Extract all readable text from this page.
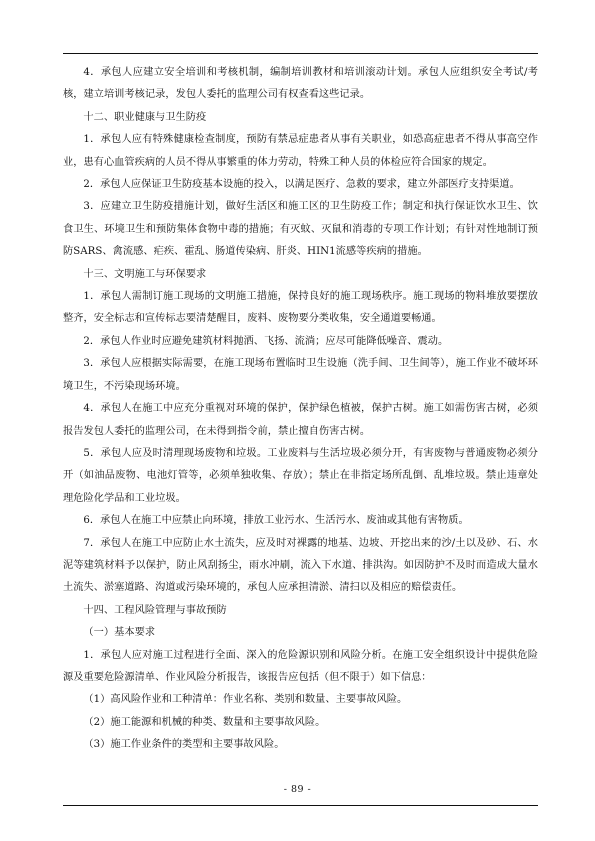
4．承包人应建立安全培训和考核机制，编制培训教材和培训滚动计划。承包人应组织安全考试/考核，建立培训考核记录，发包人委托的监理公司有权查看这些记录。

十二、职业健康与卫生防疫

1．承包人应有特殊健康检查制度，预防有禁忌症患者从事有关职业，如恐高症患者不得从事高空作业，患有心血管疾病的人员不得从事繁重的体力劳动，特殊工种人员的体检应符合国家的规定。

2．承包人应保证卫生防疫基本设施的投入，以满足医疗、急救的要求，建立外部医疗支持渠道。

3．应建立卫生防疫措施计划，做好生活区和施工区的卫生防疫工作；制定和执行保证饮水卫生、饮食卫生、环境卫生和预防集体食物中毒的措施；有灭蚊、灭鼠和消毒的专项工作计划；有针对性地制订预防SARS、禽流感、疟疾、霍乱、肠道传染病、肝炎、HIN1流感等疾病的措施。

十三、文明施工与环保要求

1．承包人需制订施工现场的文明施工措施，保持良好的施工现场秩序。施工现场的物料堆放要摆放整齐，安全标志和宣传标志要清楚醒目，废料、废物要分类收集，安全通道要畅通。

2．承包人作业时应避免建筑材料抛洒、飞扬、流淌；应尽可能降低噪音、震动。

3．承包人应根据实际需要，在施工现场布置临时卫生设施（洗手间、卫生间等），施工作业不破坏环境卫生，不污染现场环境。

4．承包人在施工中应充分重视对环境的保护，保护绿色植被，保护古树。施工如需伤害古树，必须报告发包人委托的监理公司，在未得到指令前，禁止擅自伤害古树。

5．承包人应及时清理现场废物和垃圾。工业废料与生活垃圾必须分开，有害废物与普通废物必须分开（如油品废物、电池灯管等，必须单独收集、存放）；禁止在非指定场所乱倒、乱堆垃圾。禁止违章处理危险化学品和工业垃圾。

6．承包人在施工中应禁止向环境，排放工业污水、生活污水、废油或其他有害物质。

7．承包人在施工中应防止水土流失，应及时对裸露的地基、边坡、开挖出来的沙/土以及砂、石、水泥等建筑材料予以保护，防止风刮扬尘，雨水冲刷，流入下水道、排洪沟。如因防护不及时而造成大量水土流失、淤塞道路、沟道或污染环境的，承包人应承担清淤、清扫以及相应的赔偿责任。

十四、工程风险管理与事故预防

（一）基本要求

1．承包人应对施工过程进行全面、深入的危险源识别和风险分析。在施工安全组织设计中提供危险源及重要危险源清单、作业风险分析报告，该报告应包括（但不限于）如下信息：

（1）高风险作业和工种清单：作业名称、类别和数量、主要事故风险。

（2）施工能源和机械的种类、数量和主要事故风险。

（3）施工作业条件的类型和主要事故风险。

- 89 -
